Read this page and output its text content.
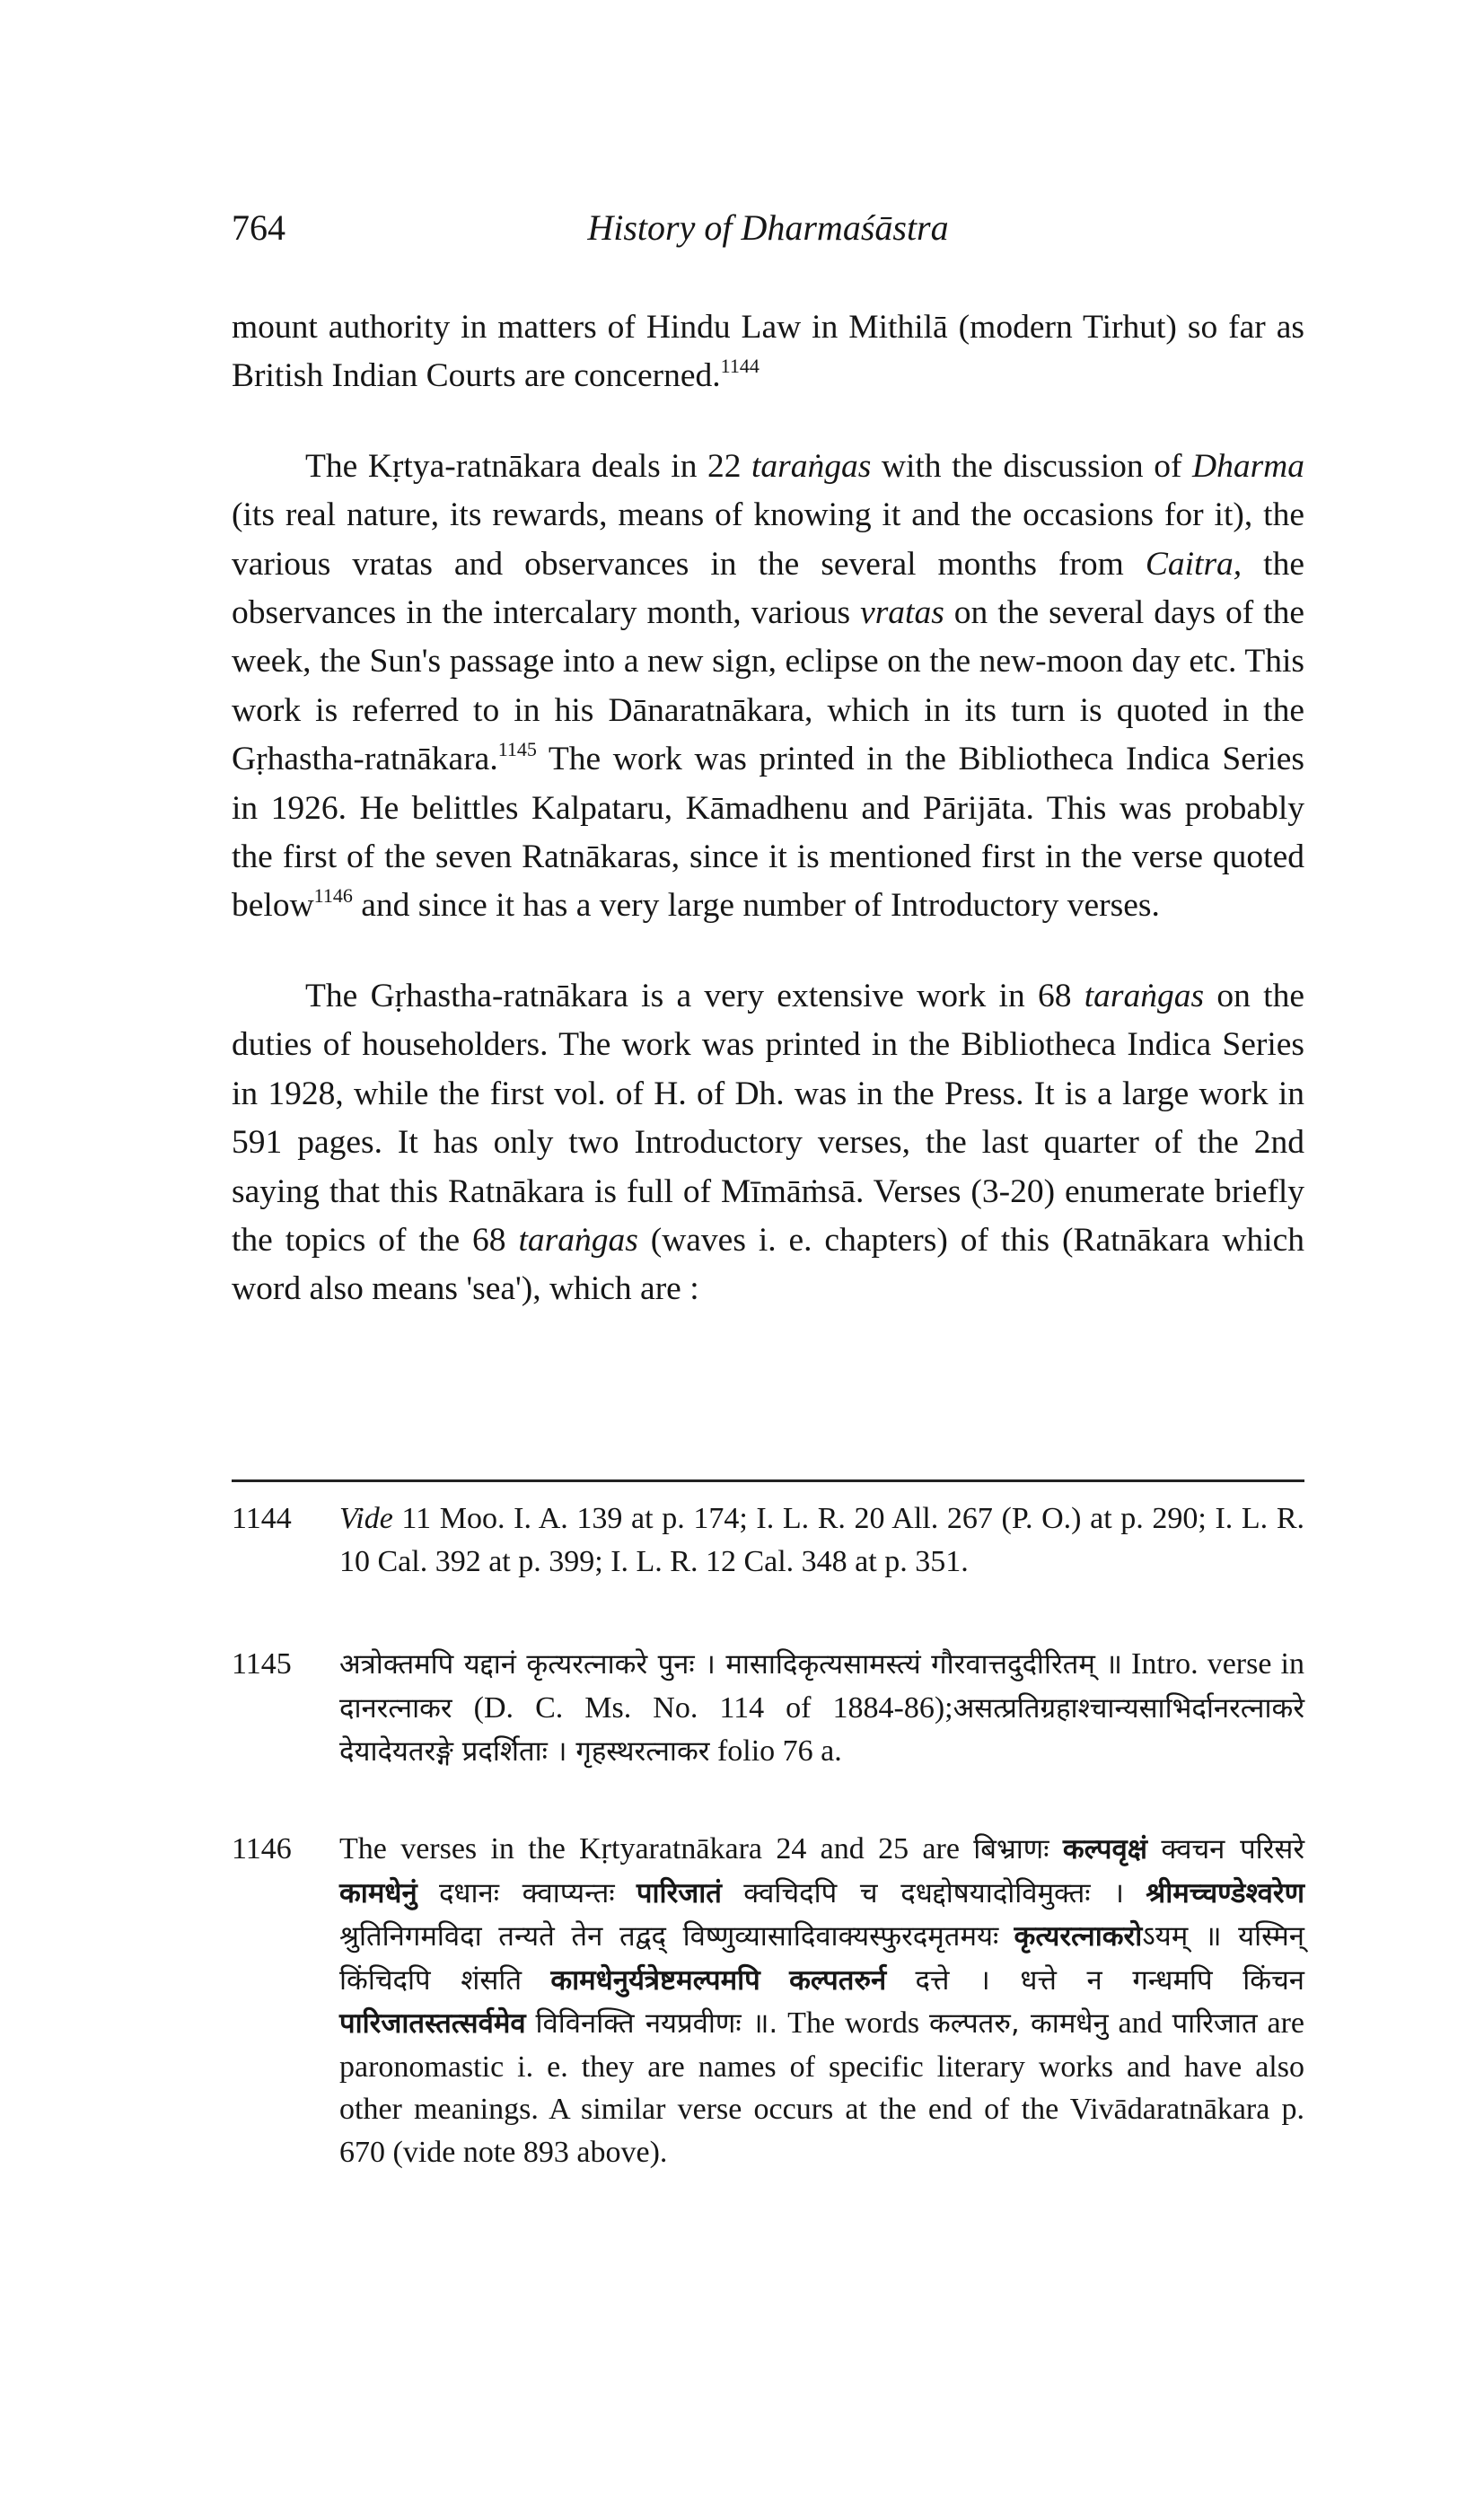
764	History of Dharmaśāstra

mount authority in matters of Hindu Law in Mithilā (modern Tirhut) so far as British Indian Courts are concerned.$^{1144}$

The Kṛtya-ratnākara deals in 22 taraṅgas with the discussion of Dharma (its real nature, its rewards, means of knowing it and the occasions for it), the various vratas and observances in the several months from Caitra, the observances in the intercalary month, various vratas on the several days of the week, the Sun's passage into a new sign, eclipse on the new-moon day etc. This work is referred to in his Dānaratnākara, which in its turn is quoted in the Gṛhastha-ratnākara.$^{1145}$ The work was printed in the Bibliotheca Indica Series in 1926. He belittles Kalpataru, Kāmadhenu and Pārijāta. This was probably the first of the seven Ratnākaras, since it is mentioned first in the verse quoted below$^{1146}$ and since it has a very large number of Introductory verses.

The Gṛhastha-ratnākara is a very extensive work in 68 taraṅgas on the duties of householders. The work was printed in the Bibliotheca Indica Series in 1928, while the first vol. of H. of Dh. was in the Press. It is a large work in 591 pages. It has only two Introductory verses, the last quarter of the 2nd saying that this Ratnākara is full of Mīmāṁsā. Verses (3-20) enumerate briefly the topics of the 68 taraṅgas (waves i. e. chapters) of this (Ratnākara which word also means 'sea'), which are :

1144	Vide 11 Moo. I. A. 139 at p. 174; I. L. R. 20 All. 267 (P. O.) at p. 290; I. L. R. 10 Cal. 392 at p. 399; I. L. R. 12 Cal. 348 at p. 351.
1145	अत्रोक्तमपि यद्दानं कृत्यरत्नाकरे पुनः । मासादिकृत्यसामस्त्यं गौरवात्तदुदीरितम् ॥ Intro. verse in दानरत्नाकर (D. C. Ms. No. 114 of 1884-86);असत्प्रतिग्रहाश्चान्यसाभिर्दानरत्नाकरे देयादेयतरङ्गे प्रदर्शिताः । गृहस्थरत्नाकर folio 76 a.
1146	The verses in the Kṛtyaratnākara 24 and 25 are बिभ्राणः कल्पवृक्षं क्वचन परिसरे कामधेनुं दधानः क्वाप्यन्तः पारिजातं क्वचिदपि च दधद्दोषयादोविमुक्तः । श्रीमच्चण्डेश्वरेण श्रुतिनिगमविदा तन्यते तेन तद्वद् विष्णुव्यासादिवाक्यस्फुरदमृतमयः कृत्यरत्नाकरोऽयम् ॥ यस्मिन् किंचिदपि शंसति कामधेनुर्यत्रेष्टमल्पमपि कल्पतरुर्न दत्ते । धत्ते न गन्धमपि किंचन पारिजातस्तत्सर्वमेव विविनक्ति नयप्रवीणः ॥. The words कल्पतरु, कामधेनु and पारिजात are paronomastic i. e. they are names of specific literary works and have also other meanings. A similar verse occurs at the end of the Vivādaratnākara p. 670 (vide note 893 above).
